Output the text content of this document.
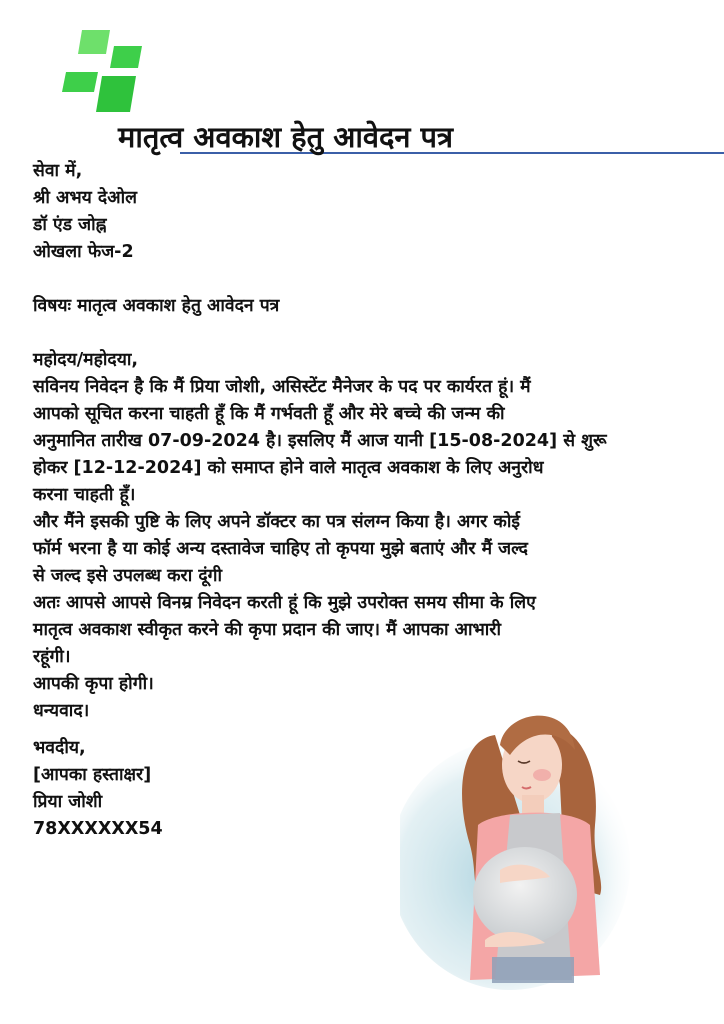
मातृत्व अवकाश हेतु आवेदन पत्र
सेवा में,
श्री अभय देओल
डॉ एंड जोह्न
ओखला फेज-2
विषयः मातृत्व अवकाश हेतु आवेदन पत्र
महोदय/महोदया,
सविनय निवेदन है कि मैं प्रिया जोशी, असिस्टेंट मैनेजर के पद पर कार्यरत हूं। मैं
आपको सूचित करना चाहती हूँ कि मैं गर्भवती हूँ और मेरे बच्चे की जन्म की
अनुमानित तारीख 07-09-2024 है। इसलिए मैं आज यानी [15-08-2024] से शुरू
होकर [12-12-2024] को समाप्त होने वाले मातृत्व अवकाश के लिए अनुरोध
करना चाहती हूँ।
और मैंने इसकी पुष्टि के लिए अपने डॉक्टर का पत्र संलग्न किया है। अगर कोई
फॉर्म भरना है या कोई अन्य दस्तावेज चाहिए तो कृपया मुझे बताएं और मैं जल्द
से जल्द इसे उपलब्ध करा दूंगी
अतः आपसे आपसे विनम्र निवेदन करती हूं कि मुझे उपरोक्त समय सीमा के लिए
मातृत्व अवकाश स्वीकृत करने की कृपा प्रदान की जाए। मैं आपका आभारी
रहूंगी।
आपकी कृपा होगी।
धन्यवाद।
भवदीय,
[आपका हस्ताक्षर]
प्रिया जोशी
78XXXXXX54
